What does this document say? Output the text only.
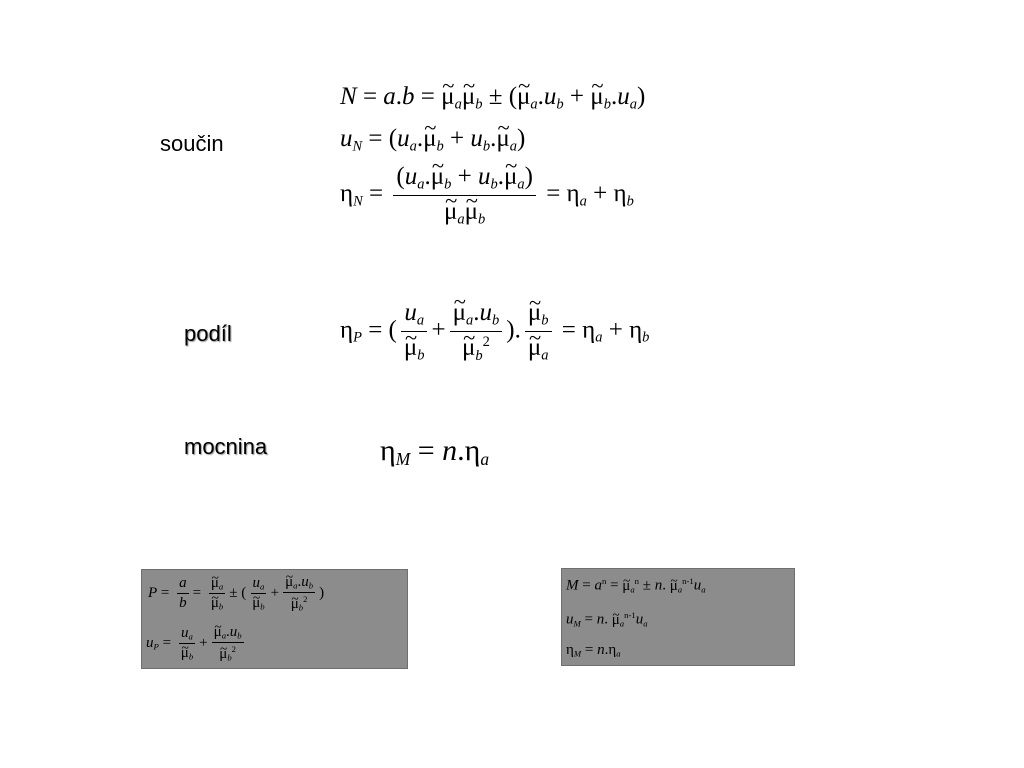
součin
podíl
mocnina
N = a.b = ~ $\mu_a\sim$ $\mu_b$ ± (~ $\mu_a.u_b$ + ~ $\mu_b.u_a$)
$u_N$ = ($u_a.\sim$ $\mu_b$ + $u_b.\sim$ $\mu_a$)
$\eta_N$ = ($u_a.\sim$ $\mu_b$ + $u_b.\sim$ $\mu_a$)
~ $\mu_a\sim$ $\mu_b = \eta_a + \eta_b$
$\eta_P$ = ( $u_a$
~ $\mu_b$ + ~ $\mu_a.u_b$
~ $\mu_b^2$ ). ~ $\mu_b$
~ $\mu_a = \eta_a + \eta_b$
$\eta_M = n.\eta_a$
$P = \frac{a}{b}$ = ~ $\mu_a$
~ $\mu_b$ ± ( $u_a$
~ $\mu_b$ + ~ $\mu_a.u_b$
~ $\mu_b^2$ )
$u_P = u_a$
~ $\mu_b$ + ~ $\mu_a.u_b$
~ $\mu_b^2$
$M = a^n$ = ~ $\mu_a^n \pm n$. ~ $\mu_a^{n-1}u_a$
$u_M = n$. ~ $\mu_a^{n-1}u_a$
$\eta_M = n.\eta_a$
